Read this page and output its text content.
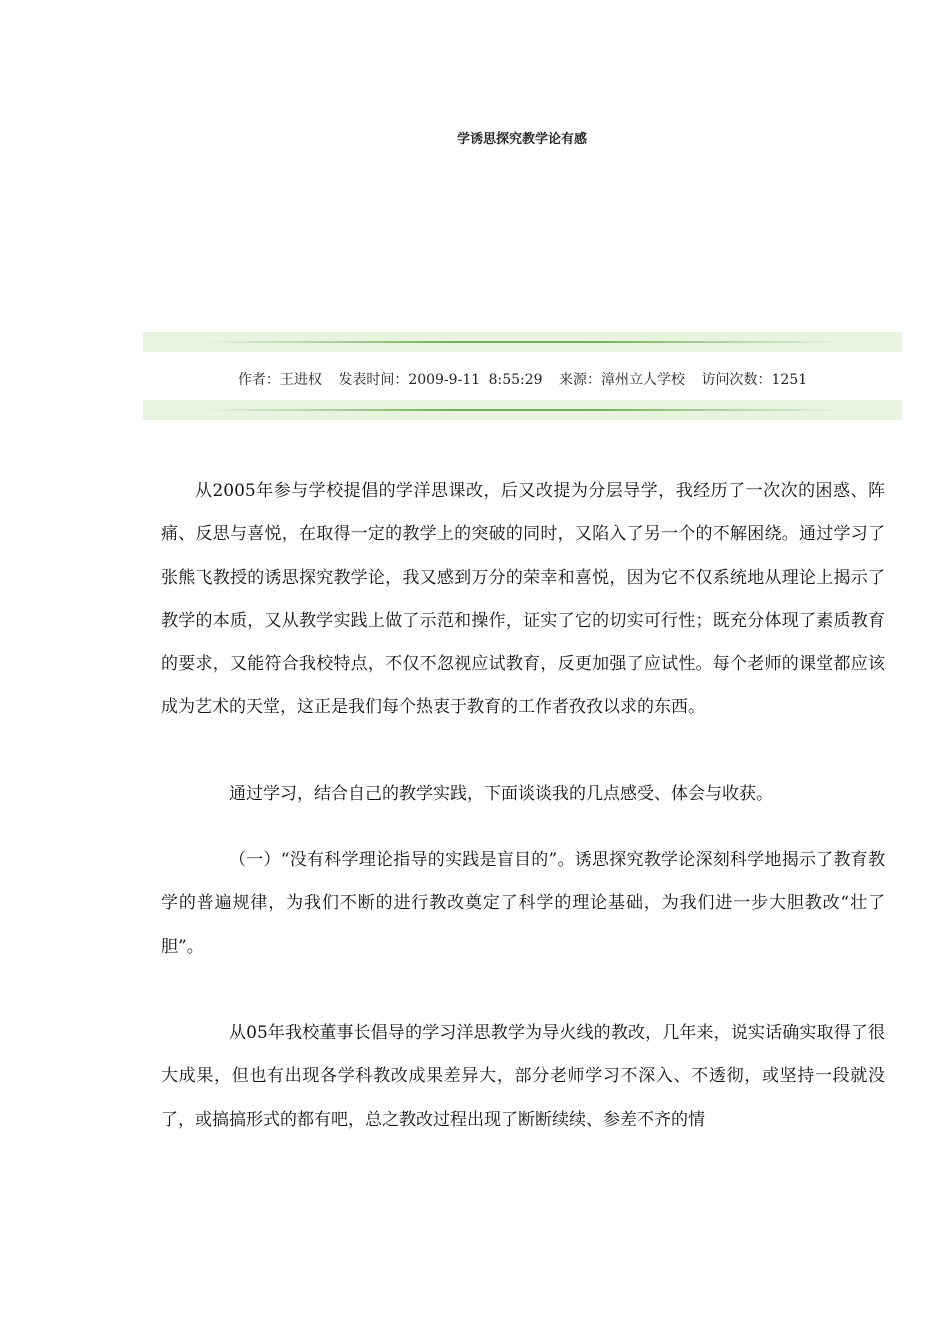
学诱思探究教学论有感
作者：王进权 发表时间：2009-9-11 8:55:29 来源：漳州立人学校 访问次数：1251

从2005年参与学校提倡的学洋思课改，后又改提为分层导学，我经历了一次次的困惑、阵痛、反思与喜悦，在取得一定的教学上的突破的同时，又陷入了另一个的不解困绕。通过学习了张熊飞教授的诱思探究教学论，我又感到万分的荣幸和喜悦，因为它不仅系统地从理论上揭示了教学的本质，又从教学实践上做了示范和操作，证实了它的切实可行性；既充分体现了素质教育的要求，又能符合我校特点，不仅不忽视应试教育，反更加强了应试性。每个老师的课堂都应该成为艺术的天堂，这正是我们每个热衷于教育的工作者孜孜以求的东西。

通过学习，结合自己的教学实践，下面谈谈我的几点感受、体会与收获。

（一）“没有科学理论指导的实践是盲目的”。诱思探究教学论深刻科学地揭示了教育教学的普遍规律，为我们不断的进行教改奠定了科学的理论基础，为我们进一步大胆教改“壮了胆”。

从05年我校董事长倡导的学习洋思教学为导火线的教改，几年来，说实话确实取得了很大成果，但也有出现各学科教改成果差异大，部分老师学习不深入、不透彻，或坚持一段就没了，或搞搞形式的都有吧，总之教改过程出现了断断续续、参差不齐的情
